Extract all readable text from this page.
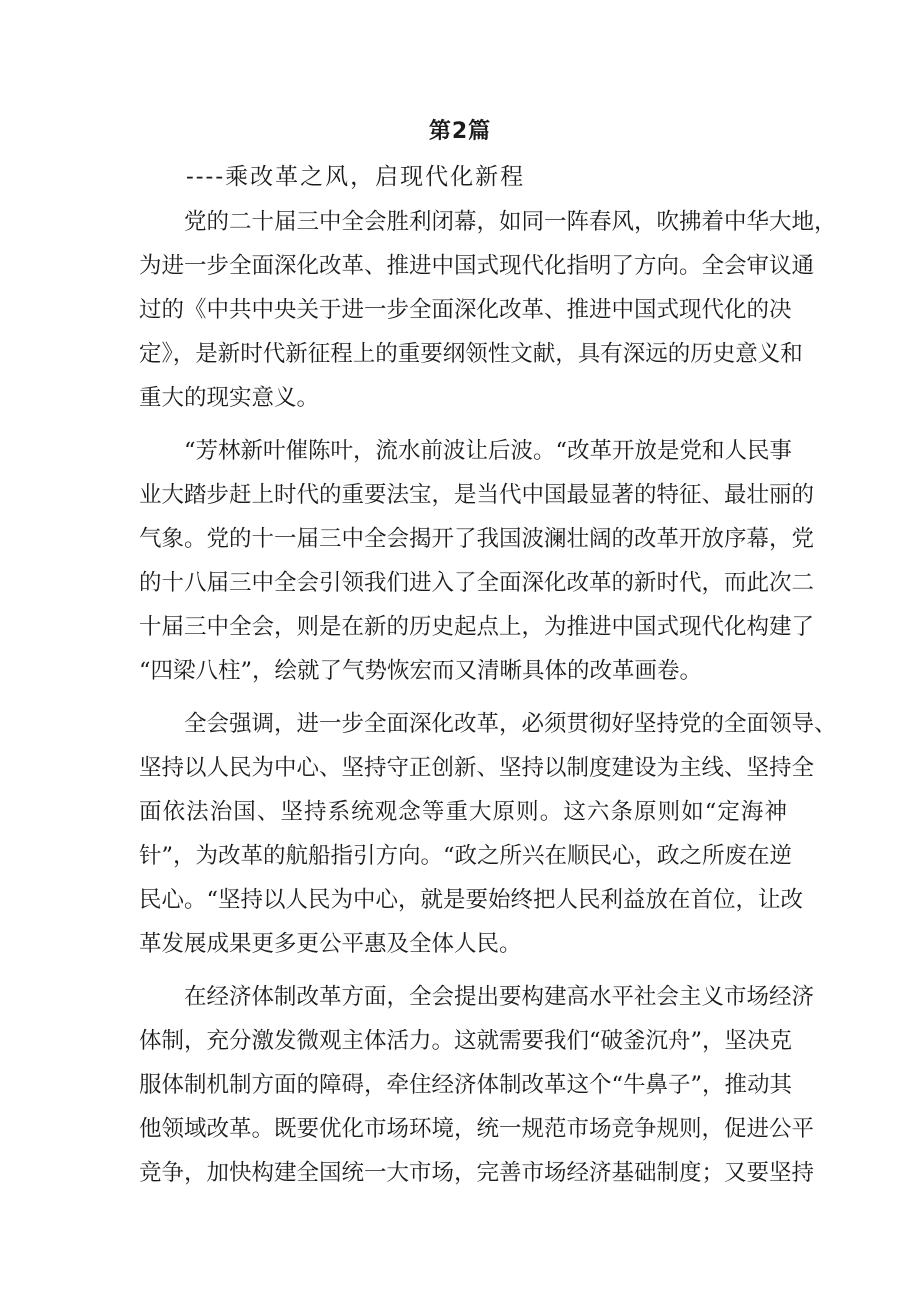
第2篇
----乘改革之风，启现代化新程
　　党的二十届三中全会胜利闭幕，如同一阵春风，吹拂着中华大地，
为进一步全面深化改革、推进中国式现代化指明了方向。全会审议通
过的《中共中央关于进一步全面深化改革、推进中国式现代化的决
定》，是新时代新征程上的重要纲领性文献，具有深远的历史意义和
重大的现实意义。
　　“芳林新叶催陈叶，流水前波让后波。“改革开放是党和人民事
业大踏步赶上时代的重要法宝，是当代中国最显著的特征、最壮丽的
气象。党的十一届三中全会揭开了我国波澜壮阔的改革开放序幕，党
的十八届三中全会引领我们进入了全面深化改革的新时代，而此次二
十届三中全会，则是在新的历史起点上，为推进中国式现代化构建了
“四梁八柱”，绘就了气势恢宏而又清晰具体的改革画卷。
　　全会强调，进一步全面深化改革，必须贯彻好坚持党的全面领导、
坚持以人民为中心、坚持守正创新、坚持以制度建设为主线、坚持全
面依法治国、坚持系统观念等重大原则。这六条原则如“定海神
针”，为改革的航船指引方向。“政之所兴在顺民心，政之所废在逆
民心。“坚持以人民为中心，就是要始终把人民利益放在首位，让改
革发展成果更多更公平惠及全体人民。
　　在经济体制改革方面，全会提出要构建高水平社会主义市场经济
体制，充分激发微观主体活力。这就需要我们“破釜沉舟”，坚决克
服体制机制方面的障碍，牵住经济体制改革这个“牛鼻子”，推动其
他领域改革。既要优化市场环境，统一规范市场竞争规则，促进公平
竞争，加快构建全国统一大市场，完善市场经济基础制度；又要坚持
